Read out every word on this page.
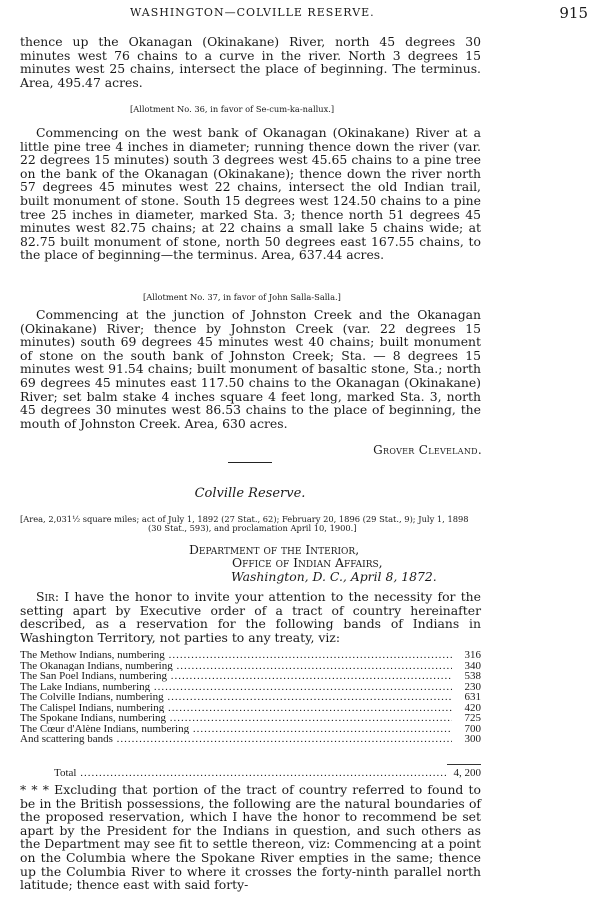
WASHINGTON—COLVILLE RESERVE.	915

thence up the Okanagan (Okinakane) River, north 45 degrees 30 minutes west 76 chains to a curve in the river. North 3 degrees 15 minutes west 25 chains, intersect the place of beginning. The terminus. Area, 495.47 acres.

[Allotment No. 36, in favor of Se-cum-ka-nallux.]

Commencing on the west bank of Okanagan (Okinakane) River at a little pine tree 4 inches in diameter; running thence down the river (var. 22 degrees 15 minutes) south 3 degrees west 45.65 chains to a pine tree on the bank of the Okanagan (Okinakane); thence down the river north 57 degrees 45 minutes west 22 chains, intersect the old Indian trail, built monument of stone. South 15 degrees west 124.50 chains to a pine tree 25 inches in diameter, marked Sta. 3; thence north 51 degrees 45 minutes west 82.75 chains; at 22 chains a small lake 5 chains wide; at 82.75 built monument of stone, north 50 degrees east 167.55 chains, to the place of beginning—the terminus. Area, 637.44 acres.

[Allotment No. 37, in favor of John Salla-Salla.]

Commencing at the junction of Johnston Creek and the Okanagan (Okinakane) River; thence by Johnston Creek (var. 22 degrees 15 minutes) south 69 degrees 45 minutes west 40 chains; built monument of stone on the south bank of Johnston Creek; Sta. — 8 degrees 15 minutes west 91.54 chains; built monument of basaltic stone, Sta.; north 69 degrees 45 minutes east 117.50 chains to the Okanagan (Okinakane) River; set balm stake 4 inches square 4 feet long, marked Sta. 3, north 45 degrees 30 minutes west 86.53 chains to the place of beginning, the mouth of Johnston Creek. Area, 630 acres.

Grover Cleveland.
Colville Reserve.

[Area, 2,031½ square miles; act of July 1, 1892 (27 Stat., 62); February 20, 1896 (29 Stat., 9); July 1, 1898

(30 Stat., 593), and proclamation April 10, 1900.]

Department of the Interior,
Office of Indian Affairs,
Washington, D. C., April 8, 1872.

Sir: I have the honor to invite your attention to the necessity for the setting apart by Executive order of a tract of country hereinafter described, as a reservation for the following bands of Indians in Washington Territory, not parties to any treaty, viz:

The Methow Indians, numbering .....	316
The Okanagan Indians, numbering .....	340
The San Poel Indians, numbering .....	538
The Lake Indians, numbering .....	230
The Colville Indians, numbering .....	631
The Calispel Indians, numbering .....	420
The Spokane Indians, numbering .....	725
The Cœur d'Alène Indians, numbering .....	700
And scattering bands .....	300
Total .....	4, 200

* * * Excluding that portion of the tract of country referred to found to be in the British possessions, the following are the natural boundaries of the proposed reservation, which I have the honor to recommend be set apart by the President for the Indians in question, and such others as the Department may see fit to settle thereon, viz: Commencing at a point on the Columbia where the Spokane River empties in the same; thence up the Columbia River to where it crosses the forty-ninth parallel north latitude; thence east with said forty-
